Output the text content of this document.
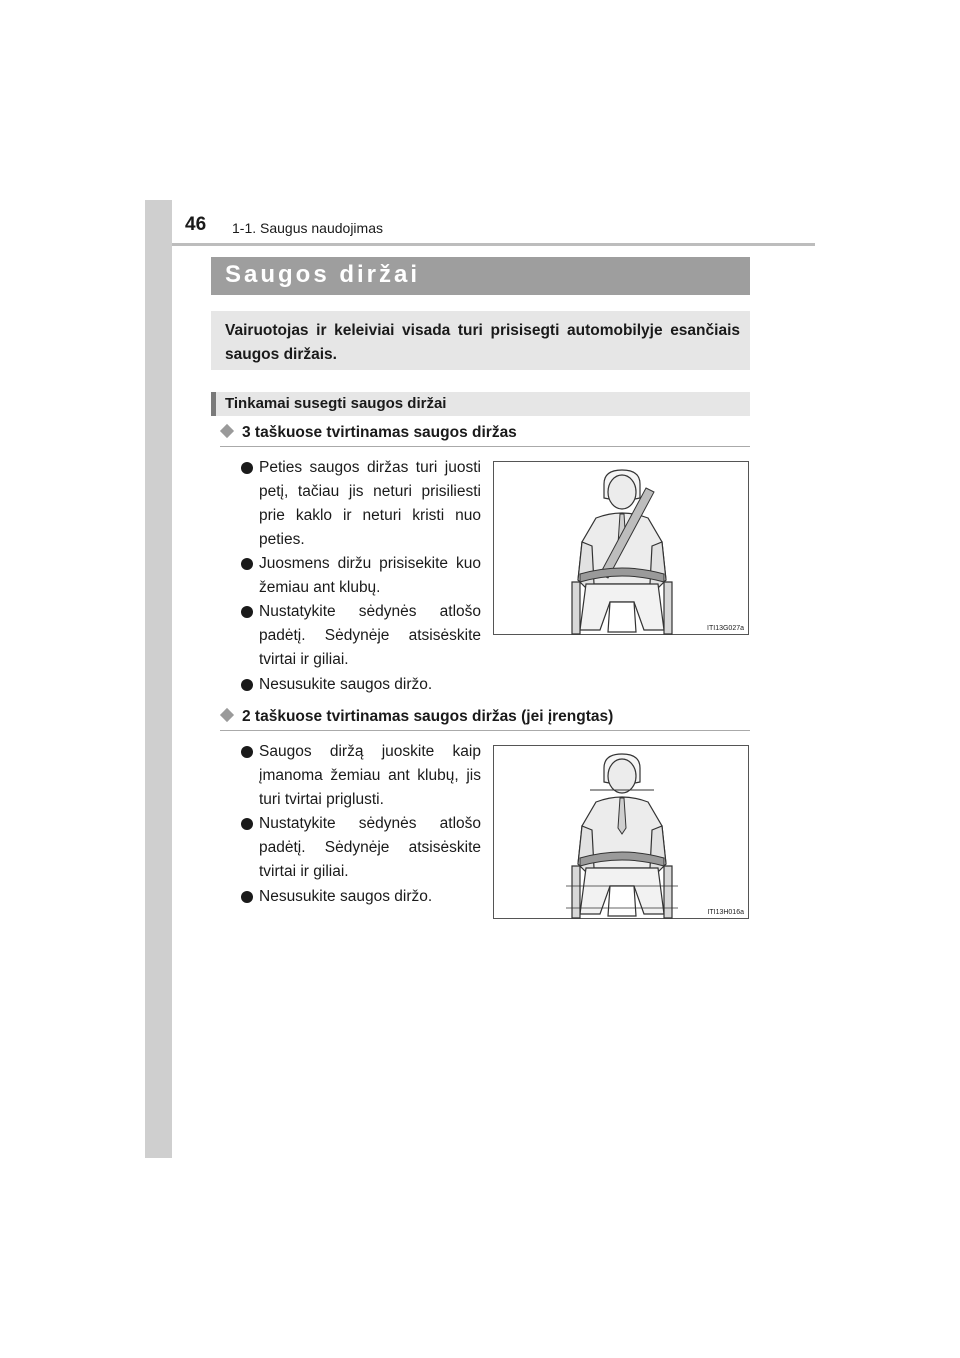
46 1-1. Saugus naudojimas
Saugos diržai
Vairuotojas ir keleiviai visada turi prisisegti automobilyje esančiais saugos diržais.
Tinkamai susegti saugos diržai
3 taškuose tvirtinamas saugos diržas
Peties saugos diržas turi juosti petį, tačiau jis neturi prisiliesti prie kaklo ir neturi kristi nuo peties.
Juosmens diržu prisisekite kuo žemiau ant klubų.
Nustatykite sėdynės atlošo padėtį. Sėdynėje atsisėskite tvirtai ir giliai.
Nesusukite saugos diržo.
ITI13G027a
2 taškuose tvirtinamas saugos diržas (jei įrengtas)
Saugos diržą juoskite kaip įmanoma žemiau ant klubų, jis turi tvirtai priglusti.
Nustatykite sėdynės atlošo padėtį. Sėdynėje atsisėskite tvirtai ir giliai.
Nesusukite saugos diržo.
ITI13H016a
